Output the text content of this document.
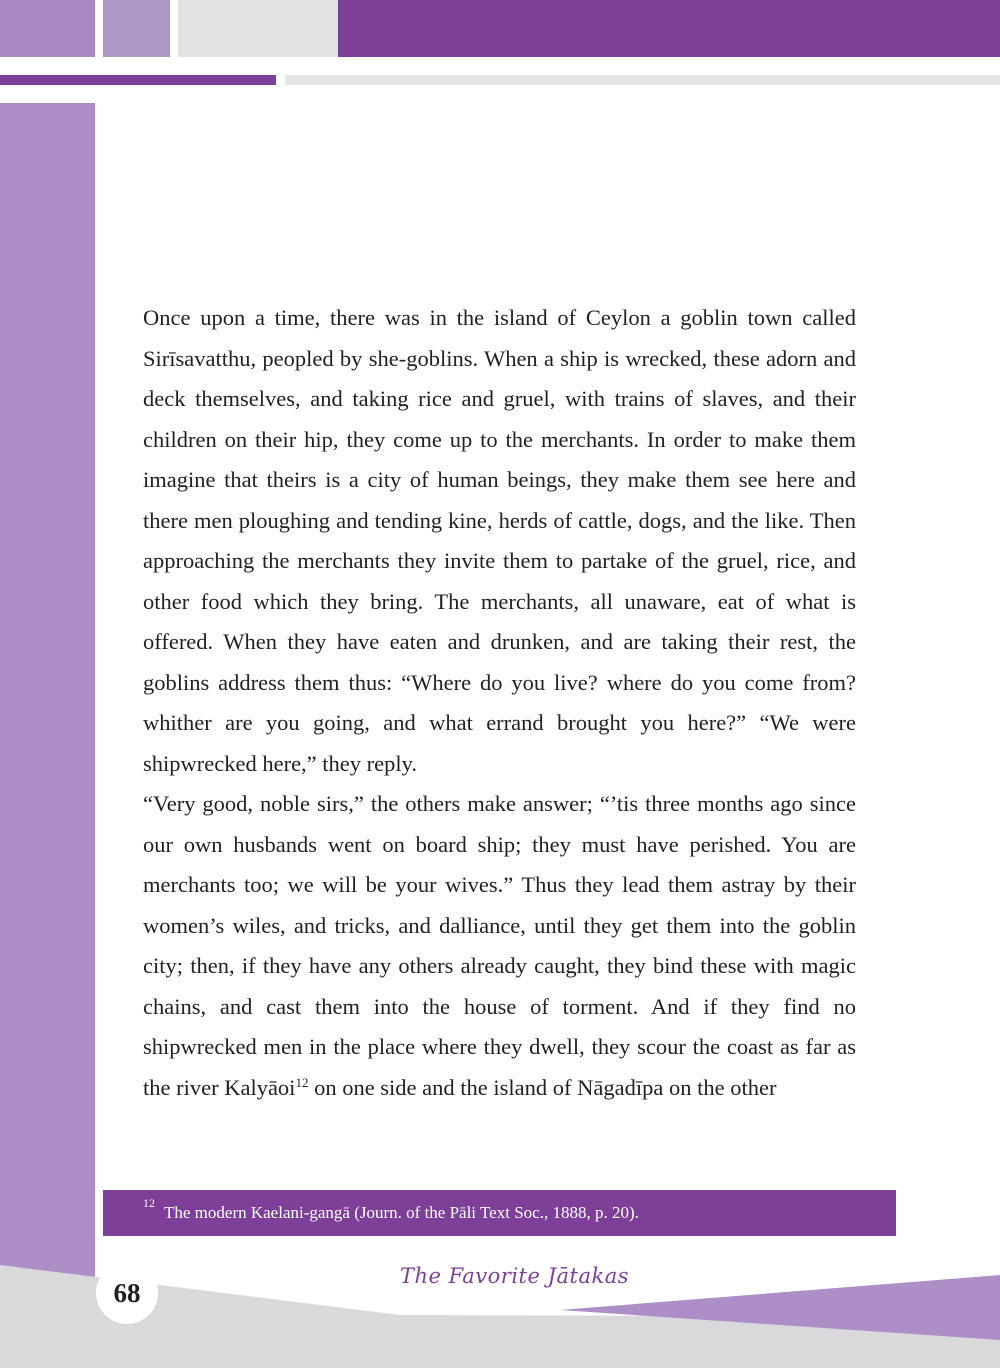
Once upon a time, there was in the island of Ceylon a goblin town called Sirīsavatthu, peopled by she-goblins. When a ship is wrecked, these adorn and deck themselves, and taking rice and gruel, with trains of slaves, and their children on their hip, they come up to the merchants. In order to make them imagine that theirs is a city of human beings, they make them see here and there men ploughing and tending kine, herds of cattle, dogs, and the like. Then approaching the merchants they invite them to partake of the gruel, rice, and other food which they bring. The merchants, all unaware, eat of what is offered. When they have eaten and drunken, and are taking their rest, the goblins address them thus: “Where do you live? where do you come from? whither are you going, and what errand brought you here?” “We were shipwrecked here,” they reply.

“Very good, noble sirs,” the others make answer; “’tis three months ago since our own husbands went on board ship; they must have perished. You are merchants too; we will be your wives.” Thus they lead them astray by their women’s wiles, and tricks, and dalliance, until they get them into the goblin city; then, if they have any others already caught, they bind these with magic chains, and cast them into the house of torment. And if they find no shipwrecked men in the place where they dwell, they scour the coast as far as the river Kalyāoi$^{12}$ on one side and the island of Nāgadīpa on the other

12 The modern Kaelani-gangā (Journ. of the Pāli Text Soc., 1888, p. 20).
The Favorite Jātakas
68
